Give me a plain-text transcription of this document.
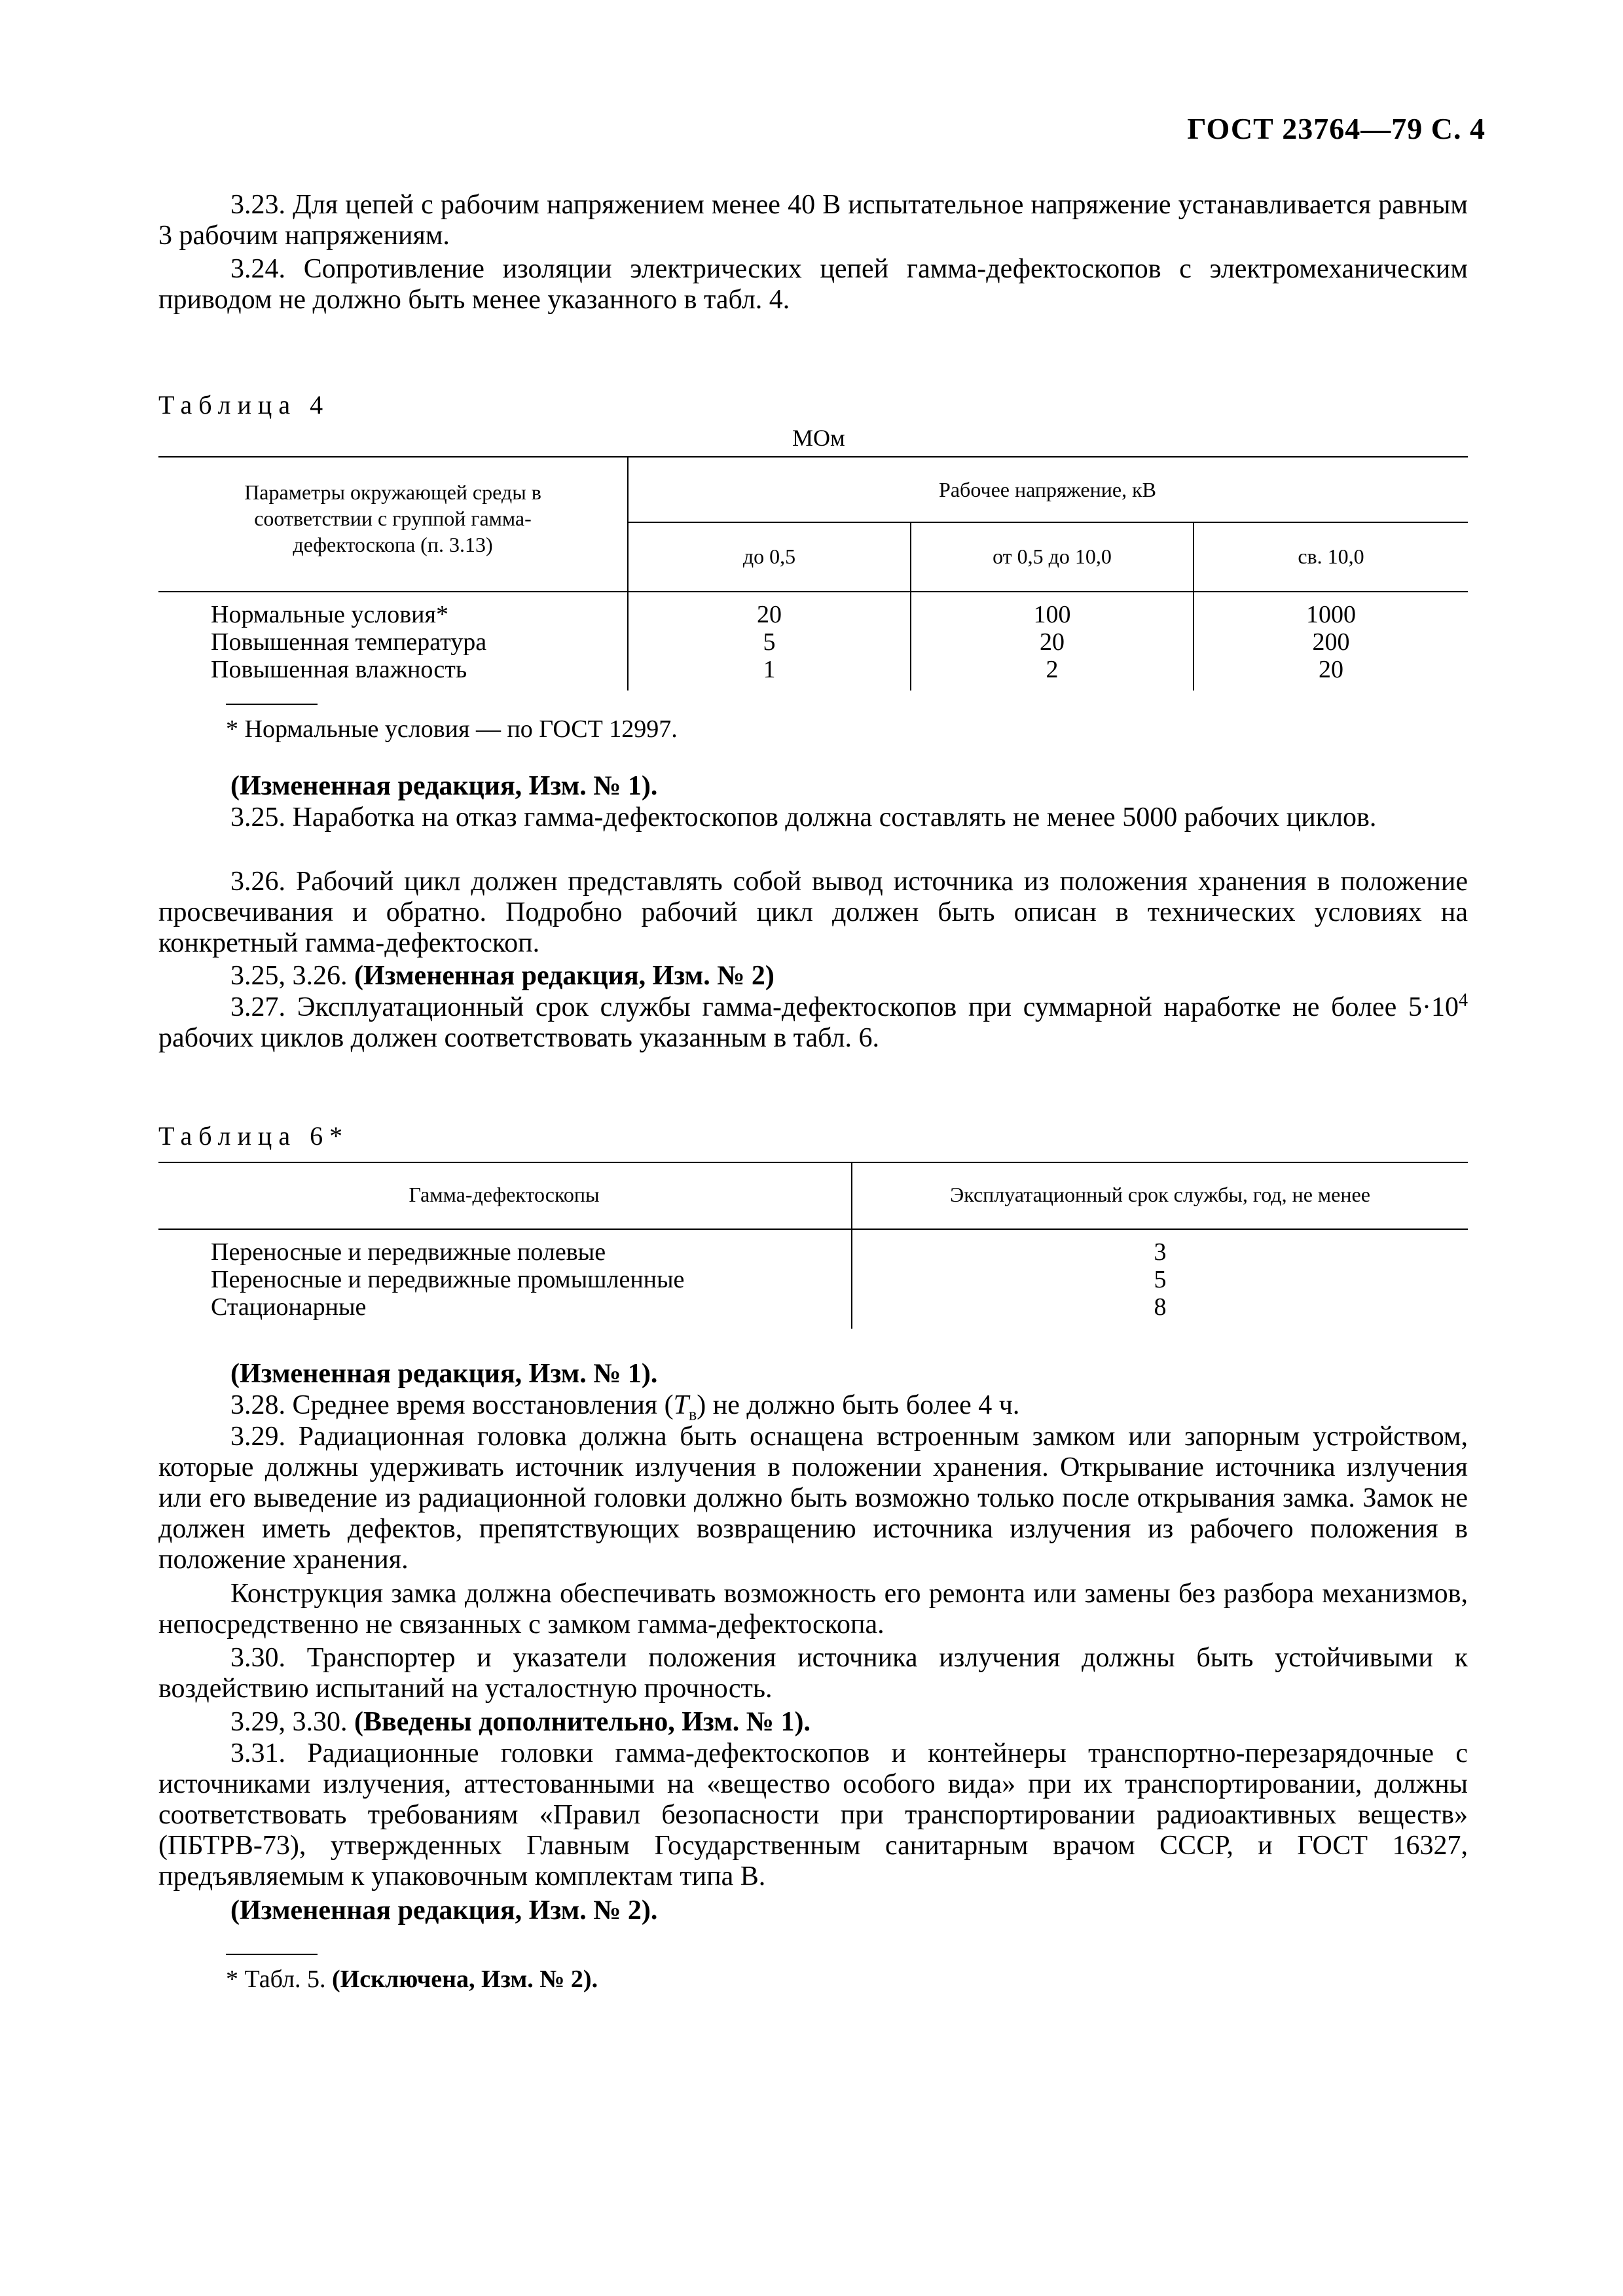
ГОСТ 23764—79 С. 4
3.23. Для цепей с рабочим напряжением менее 40 В испытательное напряжение устанавливается равным 3 рабочим напряжениям.
3.24. Сопротивление изоляции электрических цепей гамма-дефектоскопов с электромеханическим приводом не должно быть менее указанного в табл. 4.
Таблица 4
МОм
Параметры окружающей среды в соответствии с группой гамма-дефектоскопа (п. 3.13)
Рабочее напряжение, кВ
до 0,5	от 0,5 до 10,0	св. 10,0
Нормальные условия*	20	100	1000
Повышенная температура	5	20	200
Повышенная влажность	1	2	20
* Нормальные условия — по ГОСТ 12997.
(Измененная редакция, Изм. № 1).
3.25. Наработка на отказ гамма-дефектоскопов должна составлять не менее 5000 рабочих циклов.
3.26. Рабочий цикл должен представлять собой вывод источника из положения хранения в положение просвечивания и обратно. Подробно рабочий цикл должен быть описан в технических условиях на конкретный гамма-дефектоскоп.
3.25, 3.26. (Измененная редакция, Изм. № 2)
3.27. Эксплуатационный срок службы гамма-дефектоскопов при суммарной наработке не более $5\cdot 10^4$ рабочих циклов должен соответствовать указанным в табл. 6.
Таблица 6*
Гамма-дефектоскопы	Эксплуатационный срок службы, год, не менее
Переносные и передвижные полевые	3
Переносные и передвижные промышленные	5
Стационарные	8
(Измененная редакция, Изм. № 1).
3.28. Среднее время восстановления $(T_в)$ не должно быть более 4 ч.
3.29. Радиационная головка должна быть оснащена встроенным замком или запорным устройством, которые должны удерживать источник излучения в положении хранения. Открывание источника излучения или его выведение из радиационной головки должно быть возможно только после открывания замка. Замок не должен иметь дефектов, препятствующих возвращению источника излучения из рабочего положения в положение хранения.
Конструкция замка должна обеспечивать возможность его ремонта или замены без разбора механизмов, непосредственно не связанных с замком гамма-дефектоскопа.
3.30. Транспортер и указатели положения источника излучения должны быть устойчивыми к воздействию испытаний на усталостную прочность.
3.29, 3.30. (Введены дополнительно, Изм. № 1).
3.31. Радиационные головки гамма-дефектоскопов и контейнеры транспортно-перезарядочные с источниками излучения, аттестованными на «вещество особого вида» при их транспортировании, должны соответствовать требованиям «Правил безопасности при транспортировании радиоактивных веществ» (ПБТРВ-73), утвержденных Главным Государственным санитарным врачом СССР, и ГОСТ 16327, предъявляемым к упаковочным комплектам типа В.
(Измененная редакция, Изм. № 2).
* Табл. 5. (Исключена, Изм. № 2).
